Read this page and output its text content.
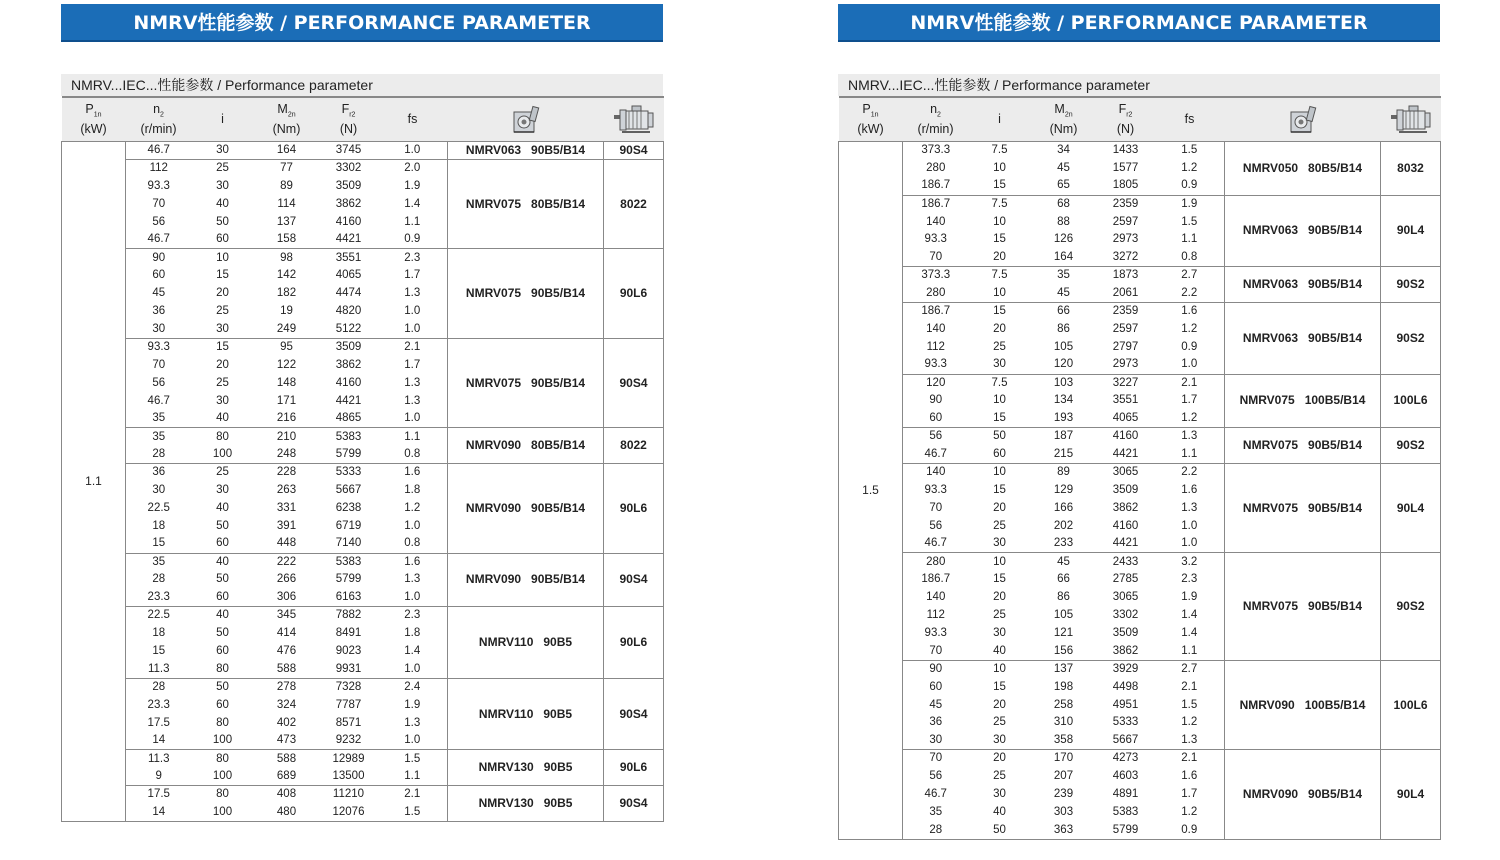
NMRV性能参数 / PERFORMANCE PARAMETER
NMRV...IEC...性能参数 / Performance parameter
$P_{1n}$
(kW)	$n_2$
(r/min)	i	$M_{2n}$
(Nm)	$F_{r2}$
(N)	fs	

1.1	46.7	30	164	3745	1.0	NMRV063   90B5/B14	90S4
	112	25	77	3302	2.0	NMRV075   80B5/B14	8022
	93.3	30	89	3509	1.9		
	70	40	114	3862	1.4		
	56	50	137	4160	1.1		
	46.7	60	158	4421	0.9		
	90	10	98	3551	2.3	NMRV075   90B5/B14	90L6
	60	15	142	4065	1.7		
	45	20	182	4474	1.3		
	36	25	19	4820	1.0		
	30	30	249	5122	1.0		
	93.3	15	95	3509	2.1	NMRV075   90B5/B14	90S4
	70	20	122	3862	1.7		
	56	25	148	4160	1.3		
	46.7	30	171	4421	1.3		
	35	40	216	4865	1.0		
	35	80	210	5383	1.1	NMRV090   80B5/B14	8022
	28	100	248	5799	0.8		
	36	25	228	5333	1.6	NMRV090   90B5/B14	90L6
	30	30	263	5667	1.8		
	22.5	40	331	6238	1.2		
	18	50	391	6719	1.0		
	15	60	448	7140	0.8		
	35	40	222	5383	1.6	NMRV090   90B5/B14	90S4
	28	50	266	5799	1.3		
	23.3	60	306	6163	1.0		
	22.5	40	345	7882	2.3	NMRV110   90B5	90L6
	18	50	414	8491	1.8		
	15	60	476	9023	1.4		
	11.3	80	588	9931	1.0		
	28	50	278	7328	2.4	NMRV110   90B5	90S4
	23.3	60	324	7787	1.9		
	17.5	80	402	8571	1.3		
	14	100	473	9232	1.0		
	11.3	80	588	12989	1.5	NMRV130   90B5	90L6
	9	100	689	13500	1.1		
	17.5	80	408	11210	2.1	NMRV130   90B5	90S4
	14	100	480	12076	1.5		
NMRV性能参数 / PERFORMANCE PARAMETER
NMRV...IEC...性能参数 / Performance parameter
$P_{1n}$
(kW)	$n_2$
(r/min)	i	$M_{2n}$
(Nm)	$F_{r2}$
(N)	fs	

1.5	373.3	7.5	34	1433	1.5	NMRV050   80B5/B14	8032
	280	10	45	1577	1.2		
	186.7	15	65	1805	0.9		
	186.7	7.5	68	2359	1.9	NMRV063   90B5/B14	90L4
	140	10	88	2597	1.5		
	93.3	15	126	2973	1.1		
	70	20	164	3272	0.8		
	373.3	7.5	35	1873	2.7	NMRV063   90B5/B14	90S2
	280	10	45	2061	2.2		
	186.7	15	66	2359	1.6	NMRV063   90B5/B14	90S2
	140	20	86	2597	1.2		
	112	25	105	2797	0.9		
	93.3	30	120	2973	1.0		
	120	7.5	103	3227	2.1	NMRV075   100B5/B14	100L6
	90	10	134	3551	1.7		
	60	15	193	4065	1.2		
	56	50	187	4160	1.3	NMRV075   90B5/B14	90S2
	46.7	60	215	4421	1.1		
	140	10	89	3065	2.2	NMRV075   90B5/B14	90L4
	93.3	15	129	3509	1.6		
	70	20	166	3862	1.3		
	56	25	202	4160	1.0		
	46.7	30	233	4421	1.0		
	280	10	45	2433	3.2	NMRV075   90B5/B14	90S2
	186.7	15	66	2785	2.3		
	140	20	86	3065	1.9		
	112	25	105	3302	1.4		
	93.3	30	121	3509	1.4		
	70	40	156	3862	1.1		
	90	10	137	3929	2.7	NMRV090   100B5/B14	100L6
	60	15	198	4498	2.1		
	45	20	258	4951	1.5		
	36	25	310	5333	1.2		
	30	30	358	5667	1.3		
	70	20	170	4273	2.1	NMRV090   90B5/B14	90L4
	56	25	207	4603	1.6		
	46.7	30	239	4891	1.7		
	35	40	303	5383	1.2		
	28	50	363	5799	0.9		
